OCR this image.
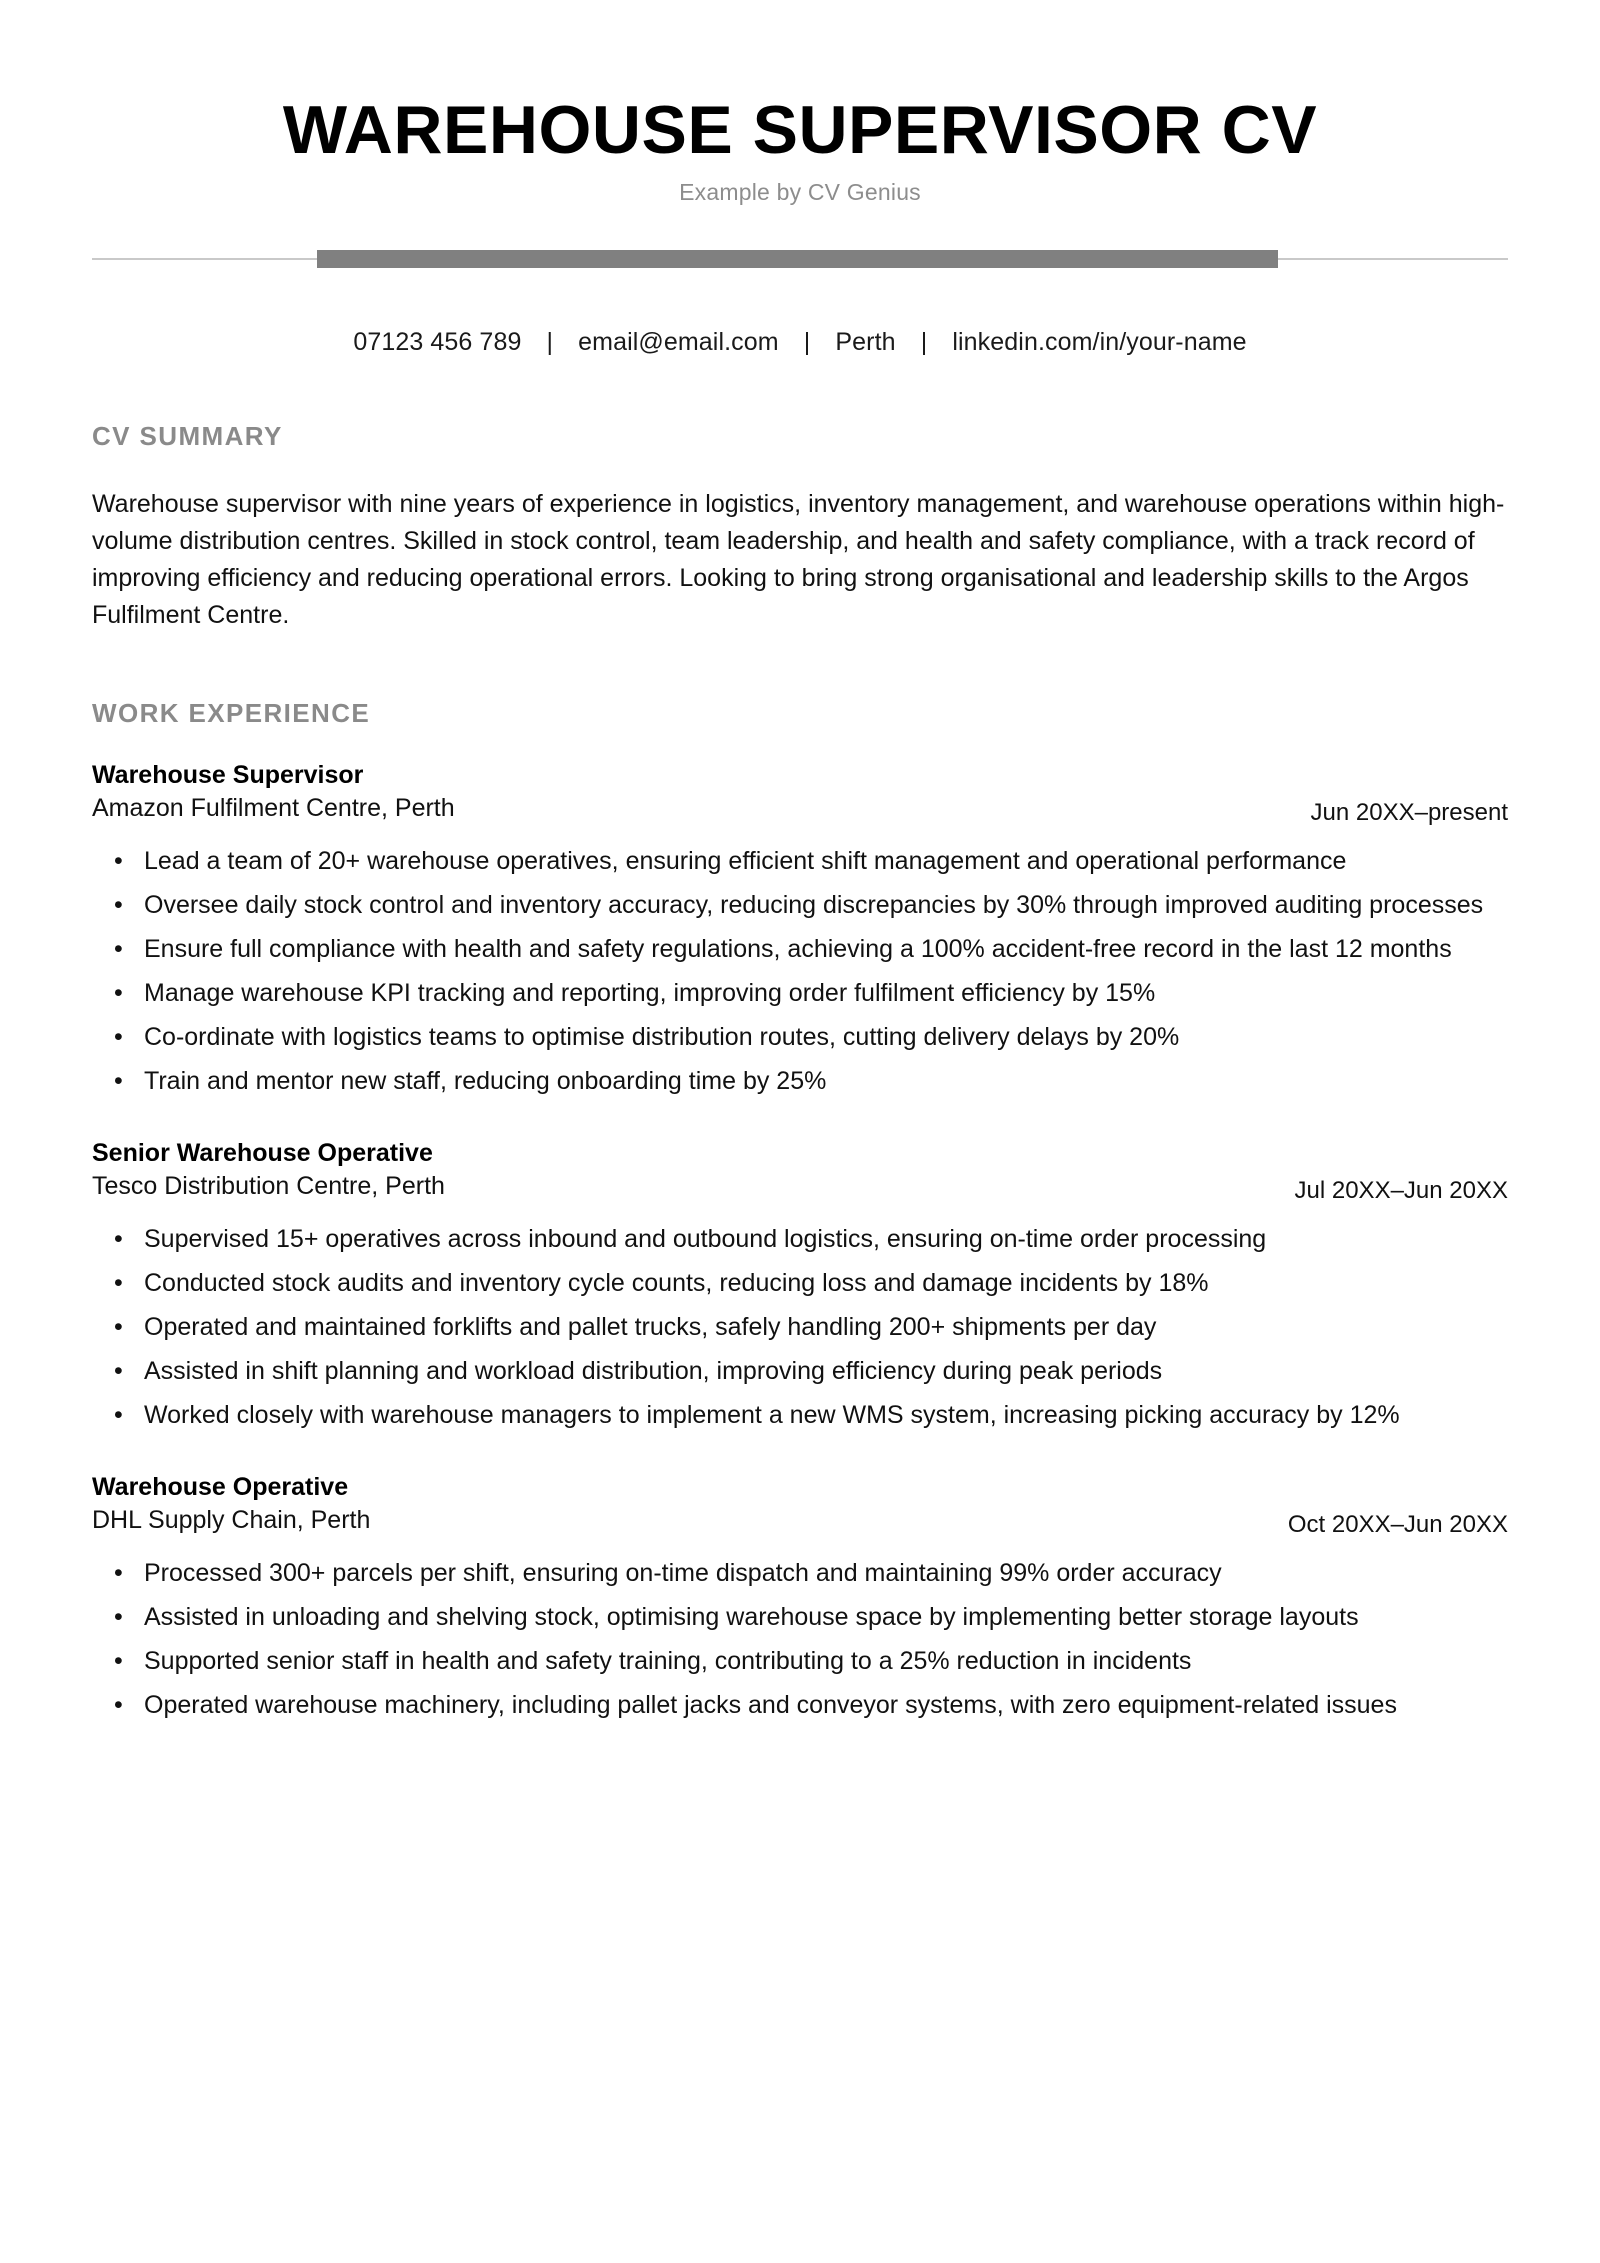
WAREHOUSE SUPERVISOR CV
Example by CV Genius
07123 456 789 | email@email.com | Perth | linkedin.com/in/your-name
CV SUMMARY

Warehouse supervisor with nine years of experience in logistics, inventory management, and warehouse operations within high-volume distribution centres. Skilled in stock control, team leadership, and health and safety compliance, with a track record of improving efficiency and reducing operational errors. Looking to bring strong organisational and leadership skills to the Argos Fulfilment Centre.

WORK EXPERIENCE
Warehouse Supervisor
Amazon Fulfilment Centre, Perth	Jun 20XX–present
• Lead a team of 20+ warehouse operatives, ensuring efficient shift management and operational performance
• Oversee daily stock control and inventory accuracy, reducing discrepancies by 30% through improved auditing processes
• Ensure full compliance with health and safety regulations, achieving a 100% accident-free record in the last 12 months
• Manage warehouse KPI tracking and reporting, improving order fulfilment efficiency by 15%
• Co-ordinate with logistics teams to optimise distribution routes, cutting delivery delays by 20%
• Train and mentor new staff, reducing onboarding time by 25%
Senior Warehouse Operative
Tesco Distribution Centre, Perth	Jul 20XX–Jun 20XX
• Supervised 15+ operatives across inbound and outbound logistics, ensuring on-time order processing
• Conducted stock audits and inventory cycle counts, reducing loss and damage incidents by 18%
• Operated and maintained forklifts and pallet trucks, safely handling 200+ shipments per day
• Assisted in shift planning and workload distribution, improving efficiency during peak periods
• Worked closely with warehouse managers to implement a new WMS system, increasing picking accuracy by 12%
Warehouse Operative
DHL Supply Chain, Perth	Oct 20XX–Jun 20XX
• Processed 300+ parcels per shift, ensuring on-time dispatch and maintaining 99% order accuracy
• Assisted in unloading and shelving stock, optimising warehouse space by implementing better storage layouts
• Supported senior staff in health and safety training, contributing to a 25% reduction in incidents
• Operated warehouse machinery, including pallet jacks and conveyor systems, with zero equipment-related issues
